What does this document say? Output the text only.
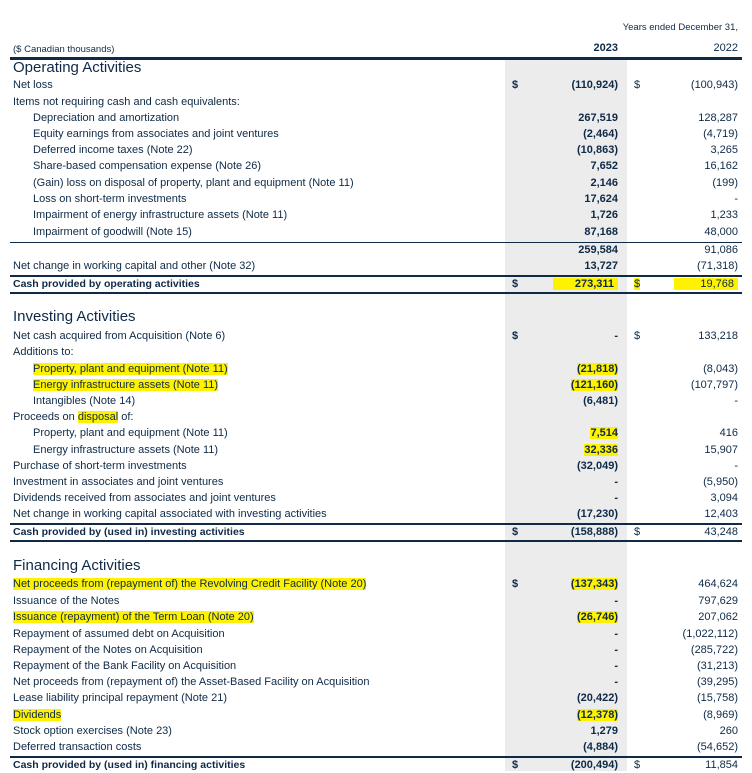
Years ended December 31,
($ Canadian thousands)	2023	2022
Operating Activities
Investing Activities
Financing Activities
Net loss	$	(110,924) $	(100,943)
Items not requiring cash and cash equivalents:
Depreciation and amortization	267,519	128,287
Equity earnings from associates and joint ventures	(2,464)	(4,719)
Deferred income taxes (Note 22)	(10,863)	3,265
Share-based compensation expense (Note 26)	7,652	16,162
(Gain) loss on disposal of property, plant and equipment (Note 11)	2,146	(199)
Loss on short-term investments	17,624	-
Impairment of energy infrastructure assets (Note 11)	1,726	1,233
Impairment of goodwill (Note 15)	87,168	48,000
259,584	91,086
Net change in working capital and other (Note 32)	13,727	(71,318)
Cash provided by operating activities	$	273,311	$	19,768
Net cash acquired from Acquisition (Note 6)	$	- $	133,218
Additions to:
Property, plant and equipment (Note 11)	(21,818)	(8,043)
Energy infrastructure assets (Note 11)	(121,160)	(107,797)
Intangibles (Note 14)	(6,481)	-
Proceeds on disposal of:
Property, plant and equipment (Note 11)	7,514	416
Energy infrastructure assets (Note 11)	32,336	15,907
Purchase of short-term investments	(32,049)	-
Investment in associates and joint ventures	-	(5,950)
Dividends received from associates and joint ventures	-	3,094
Net change in working capital associated with investing activities	(17,230)	12,403
Cash provided by (used in) investing activities	$	(158,888) $	43,248
Net proceeds from (repayment of) the Revolving Credit Facility (Note 20)	$	(137,343)	464,624
Issuance of the Notes	-	797,629
Issuance (repayment) of the Term Loan (Note 20)	(26,746)	207,062
Repayment of assumed debt on Acquisition	-	(1,022,112)
Repayment of the Notes on Acquisition	-	(285,722)
Repayment of the Bank Facility on Acquisition	-	(31,213)
Net proceeds from (repayment of) the Asset-Based Facility on Acquisition	-	(39,295)
Lease liability principal repayment (Note 21)	(20,422)	(15,758)
Dividends	(12,378)	(8,969)
Stock option exercises (Note 23)	1,279	260
Deferred transaction costs	(4,884)	(54,652)
Cash provided by (used in) financing activities	$	(200,494) $	11,854
